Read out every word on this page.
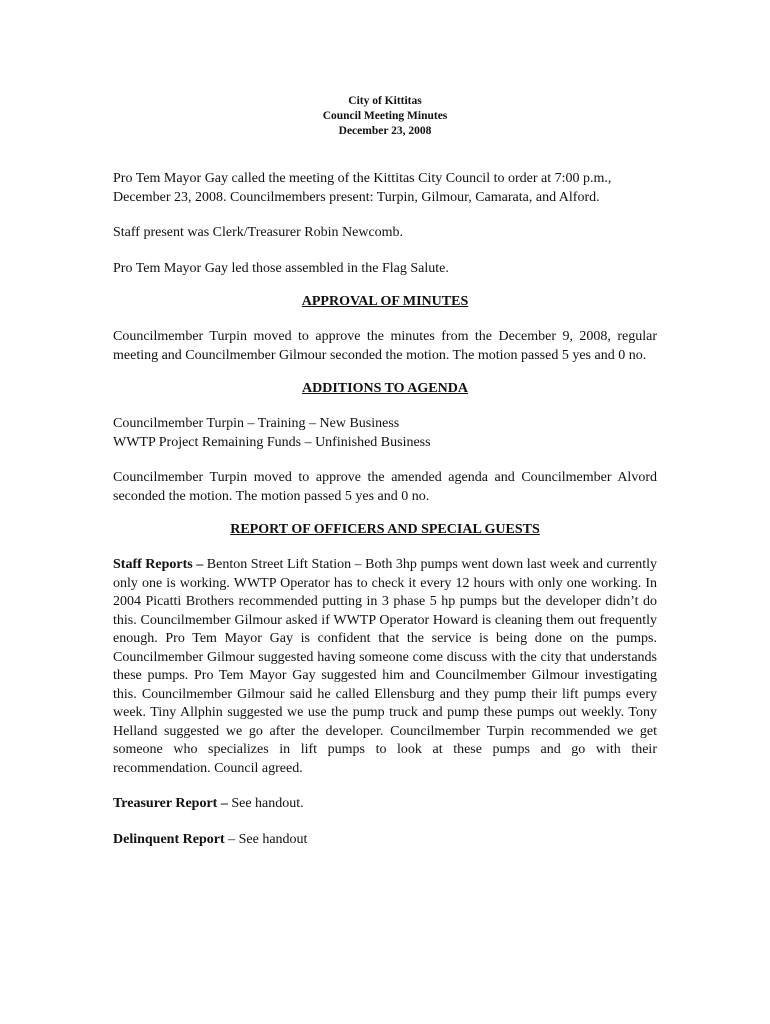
City of Kittitas
Council Meeting Minutes
December 23, 2008

Pro Tem Mayor Gay called the meeting of the Kittitas City Council to order at 7:00 p.m., December 23, 2008. Councilmembers present: Turpin, Gilmour, Camarata, and Alford.

Staff present was Clerk/Treasurer Robin Newcomb.

Pro Tem Mayor Gay led those assembled in the Flag Salute.

APPROVAL OF MINUTES

Councilmember Turpin moved to approve the minutes from the December 9, 2008, regular meeting and Councilmember Gilmour seconded the motion. The motion passed 5 yes and 0 no.

ADDITIONS TO AGENDA

Councilmember Turpin – Training – New Business

WWTP Project Remaining Funds – Unfinished Business

Councilmember Turpin moved to approve the amended agenda and Councilmember Alvord seconded the motion. The motion passed 5 yes and 0 no.

REPORT OF OFFICERS AND SPECIAL GUESTS

Staff Reports – Benton Street Lift Station – Both 3hp pumps went down last week and currently only one is working. WWTP Operator has to check it every 12 hours with only one working. In 2004 Picatti Brothers recommended putting in 3 phase 5 hp pumps but the developer didn’t do this. Councilmember Gilmour asked if WWTP Operator Howard is cleaning them out frequently enough. Pro Tem Mayor Gay is confident that the service is being done on the pumps. Councilmember Gilmour suggested having someone come discuss with the city that understands these pumps. Pro Tem Mayor Gay suggested him and Councilmember Gilmour investigating this. Councilmember Gilmour said he called Ellensburg and they pump their lift pumps every week. Tiny Allphin suggested we use the pump truck and pump these pumps out weekly. Tony Helland suggested we go after the developer. Councilmember Turpin recommended we get someone who specializes in lift pumps to look at these pumps and go with their recommendation. Council agreed.

Treasurer Report – See handout.

Delinquent Report – See handout
